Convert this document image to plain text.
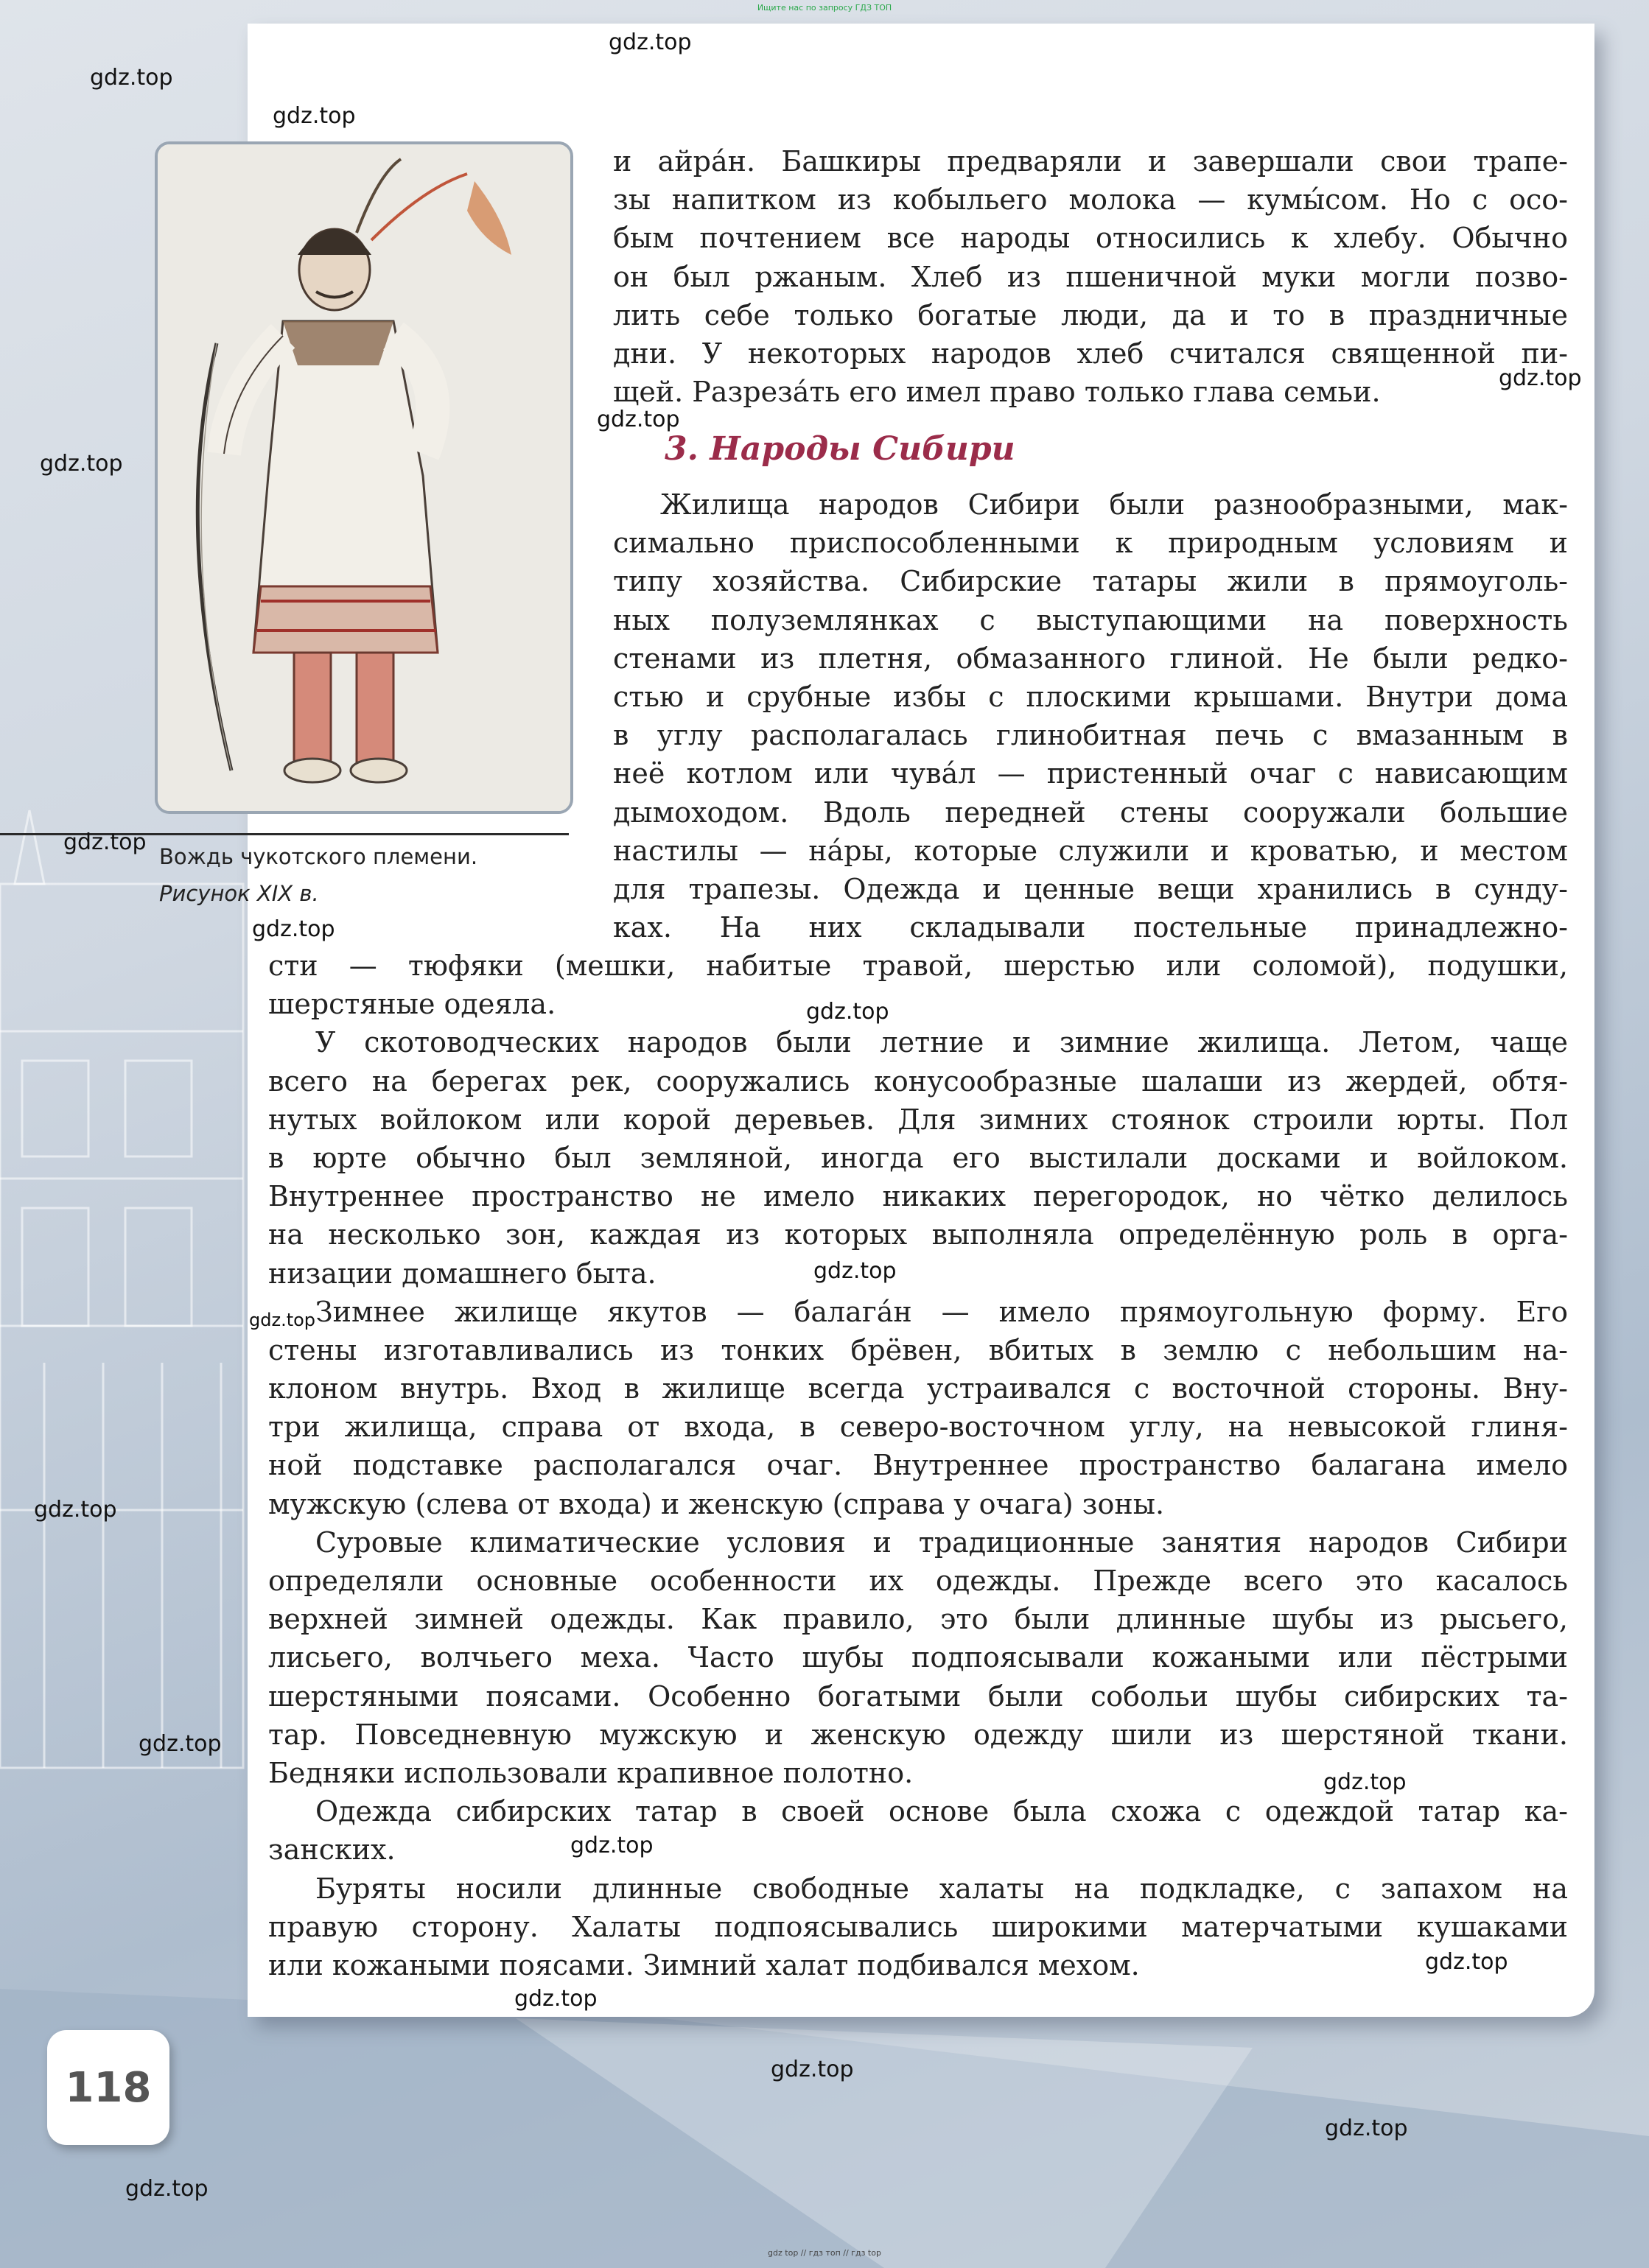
Ищите нас по запросу ГДЗ ТОП
Вождь чукотского племени.
Рисунок XIX в.
и айра́н. Башкиры предваряли и завершали свои трапе-
зы напитком из кобыльего молока — кумы́сом. Но с осо-
бым почтением все народы относились к хлебу. Обычно
он был ржаным. Хлеб из пшеничной муки могли позво-
лить себе только богатые люди, да и то в праздничные
дни. У некоторых народов хлеб считался священной пи-
щей. Разреза́ть его имел право только глава семьи.
3. Народы Сибири
Жилища народов Сибири были разнообразными, мак-
симально приспособленными к природным условиям и
типу хозяйства. Сибирские татары жили в прямоуголь-
ных полуземлянках с выступающими на поверхность
стенами из плетня, обмазанного глиной. Не были редко-
стью и срубные избы с плоскими крышами. Внутри дома
в углу располагалась глинобитная печь с вмазанным в
неё котлом или чува́л — пристенный очаг с нависающим
дымоходом. Вдоль передней стены сооружали большие
настилы — на́ры, которые служили и кроватью, и местом
для трапезы. Одежда и ценные вещи хранились в сунду-
ках. На них складывали постельные принадлежно-
сти — тюфяки (мешки, набитые травой, шерстью или соломой), подушки,
шерстяные одеяла.
У скотоводческих народов были летние и зимние жилища. Летом, чаще
всего на берегах рек, сооружались конусообразные шалаши из жердей, обтя-
нутых войлоком или корой деревьев. Для зимних стоянок строили юрты. Пол
в юрте обычно был земляной, иногда его выстилали досками и войлоком.
Внутреннее пространство не имело никаких перегородок, но чётко делилось
на несколько зон, каждая из которых выполняла определённую роль в орга-
низации домашнего быта.
Зимнее жилище якутов — балага́н — имело прямоугольную форму. Его
стены изготавливались из тонких брёвен, вбитых в землю с небольшим на-
клоном внутрь. Вход в жилище всегда устраивался с восточной стороны. Вну-
три жилища, справа от входа, в северо-восточном углу, на невысокой глиня-
ной подставке располагался очаг. Внутреннее пространство балагана имело
мужскую (слева от входа) и женскую (справа у очага) зоны.
Суровые климатические условия и традиционные занятия народов Сибири
определяли основные особенности их одежды. Прежде всего это касалось
верхней зимней одежды. Как правило, это были длинные шубы из рысьего,
лисьего, волчьего меха. Часто шубы подпоясывали кожаными или пёстрыми
шерстяными поясами. Особенно богатыми были собольи шубы сибирских та-
тар. Повседневную мужскую и женскую одежду шили из шерстяной ткани.
Бедняки использовали крапивное полотно.
Одежда сибирских татар в своей основе была схожа с одеждой татар ка-
занских.
Буряты носили длинные свободные халаты на подкладке, с запахом на
правую сторону. Халаты подпоясывались широкими матерчатыми кушаками
или кожаными поясами. Зимний халат подбивался мехом.
118
gdz.top
gdz.top
gdz.top
gdz.top
gdz.top
gdz.top
gdz.top
gdz.top
gdz.top
gdz.top
gdz.top
gdz.top
gdz.top
gdz.top
gdz.top
gdz.top
gdz.top
gdz.top
gdz.top
gdz.top
gdz top // гдз топ // гдз top
